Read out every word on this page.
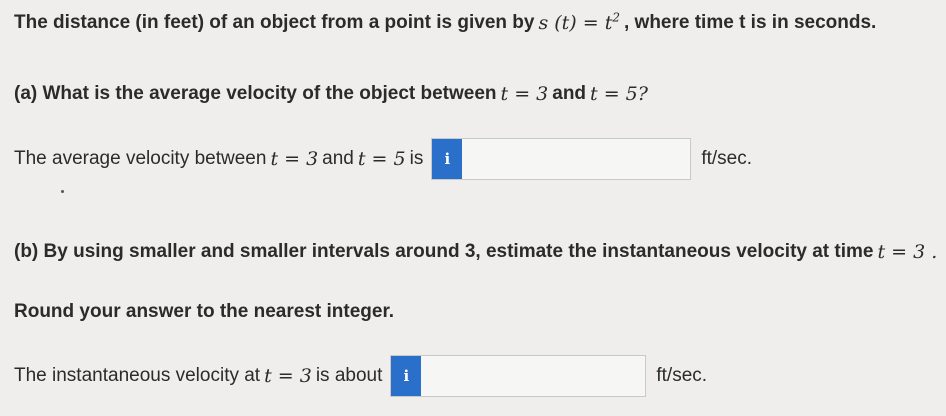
The distance (in feet) of an object from a point is given by s $(t) = t^2$ , where time t is in seconds.
(a) What is the average velocity of the object between t = 3 and t = 5?
The average velocity between t = 3 and t = 5 is	i	ft/sec.
(b) By using smaller and smaller intervals around 3, estimate the instantaneous velocity at time t = 3 .
Round your answer to the nearest integer.
The instantaneous velocity at t = 3 is about	i	ft/sec.
